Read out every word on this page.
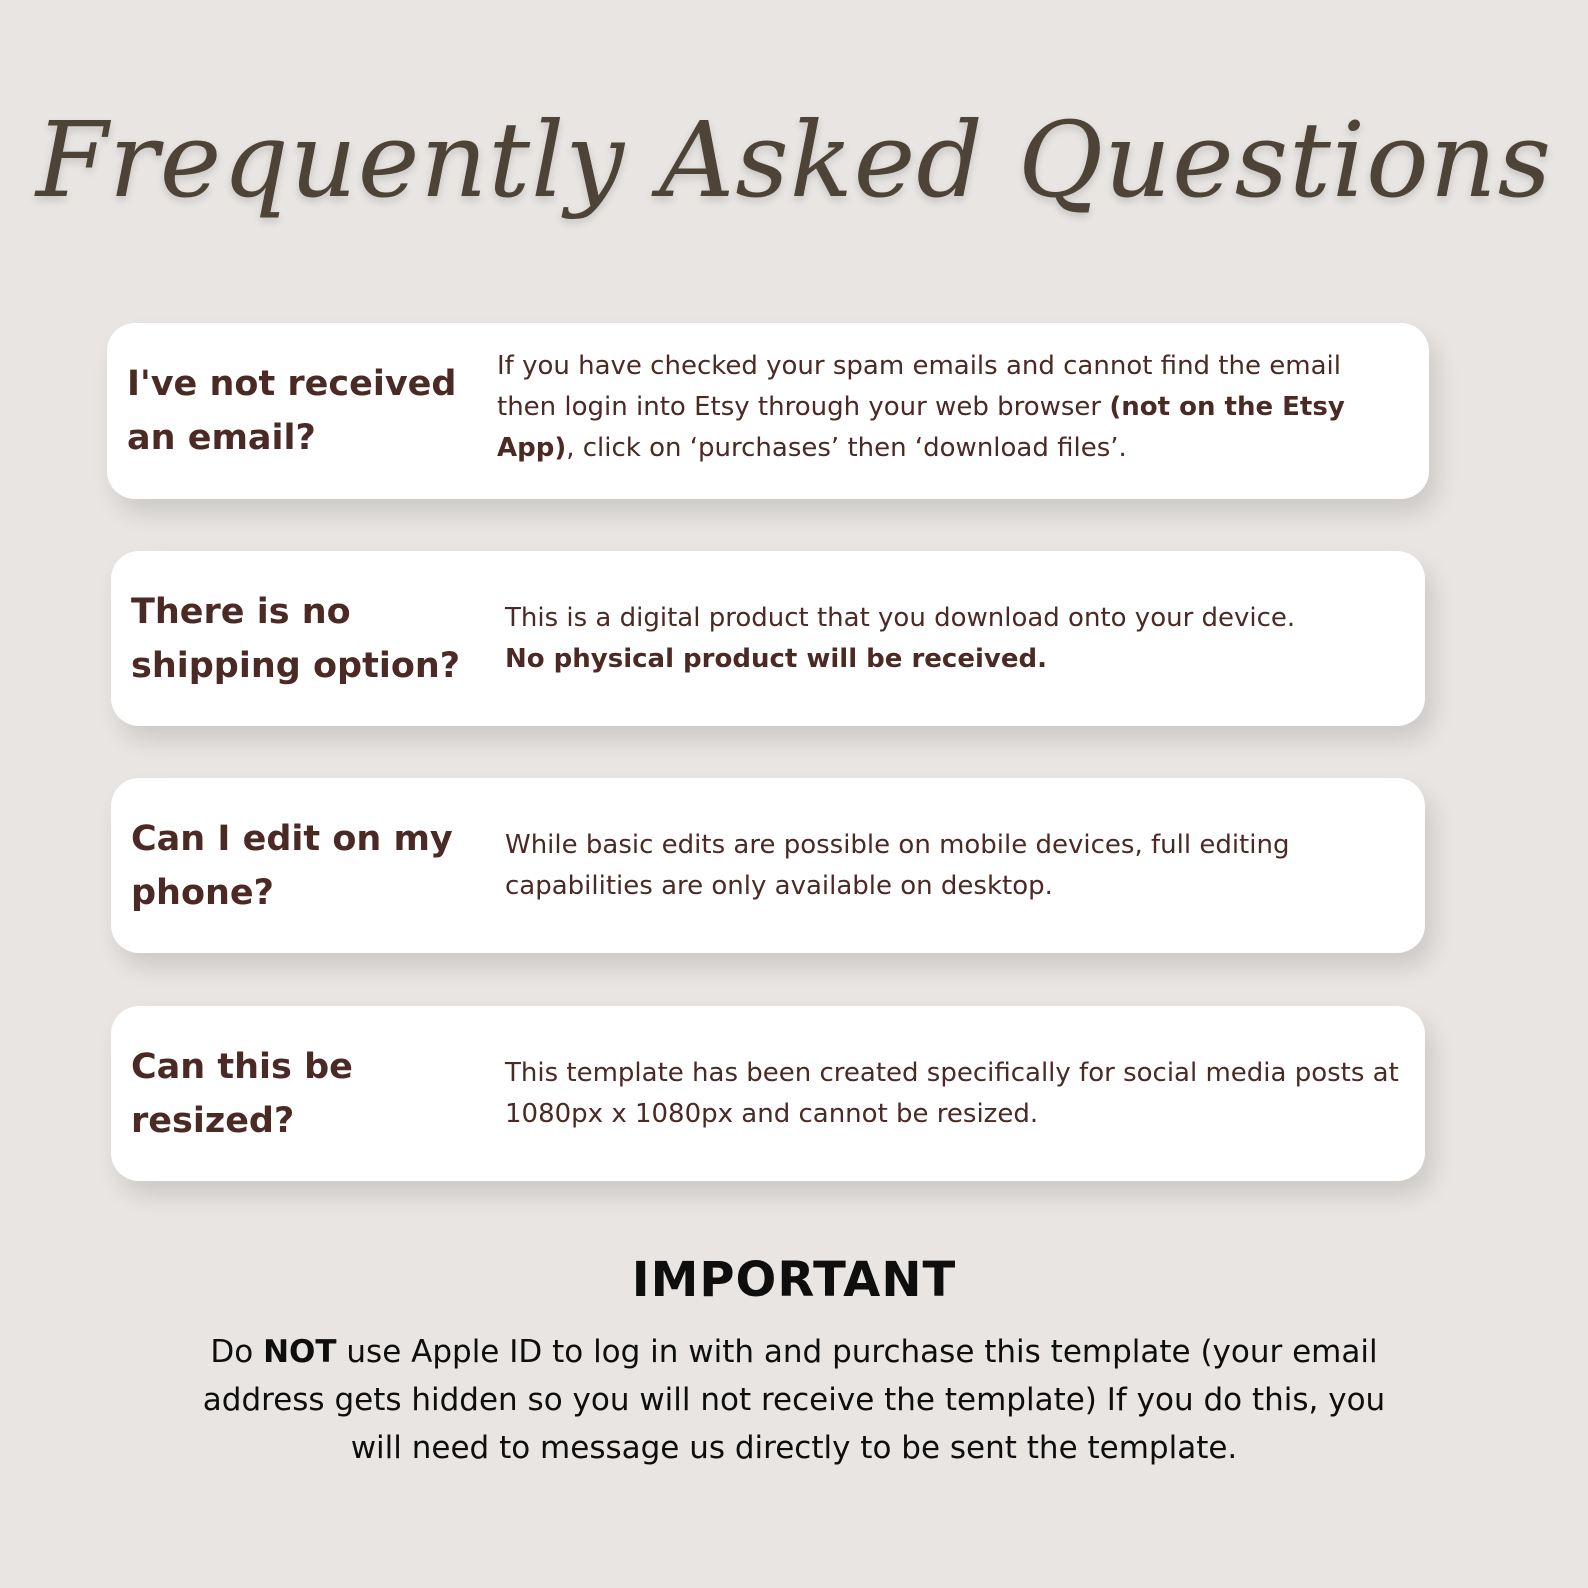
Frequently Asked Questions
I've not received an email?
If you have checked your spam emails and cannot find the email then login into Etsy through your web browser (not on the Etsy App), click on ‘purchases’ then ‘download files’.
There is no shipping option?
This is a digital product that you download onto your device. No physical product will be received.
Can I edit on my phone?
While basic edits are possible on mobile devices, full editing capabilities are only available on desktop.
Can this be resized?
This template has been created specifically for social media posts at 1080px x 1080px and cannot be resized.
IMPORTANT
Do NOT use Apple ID to log in with and purchase this template (your email address gets hidden so you will not receive the template) If you do this, you will need to message us directly to be sent the template.
